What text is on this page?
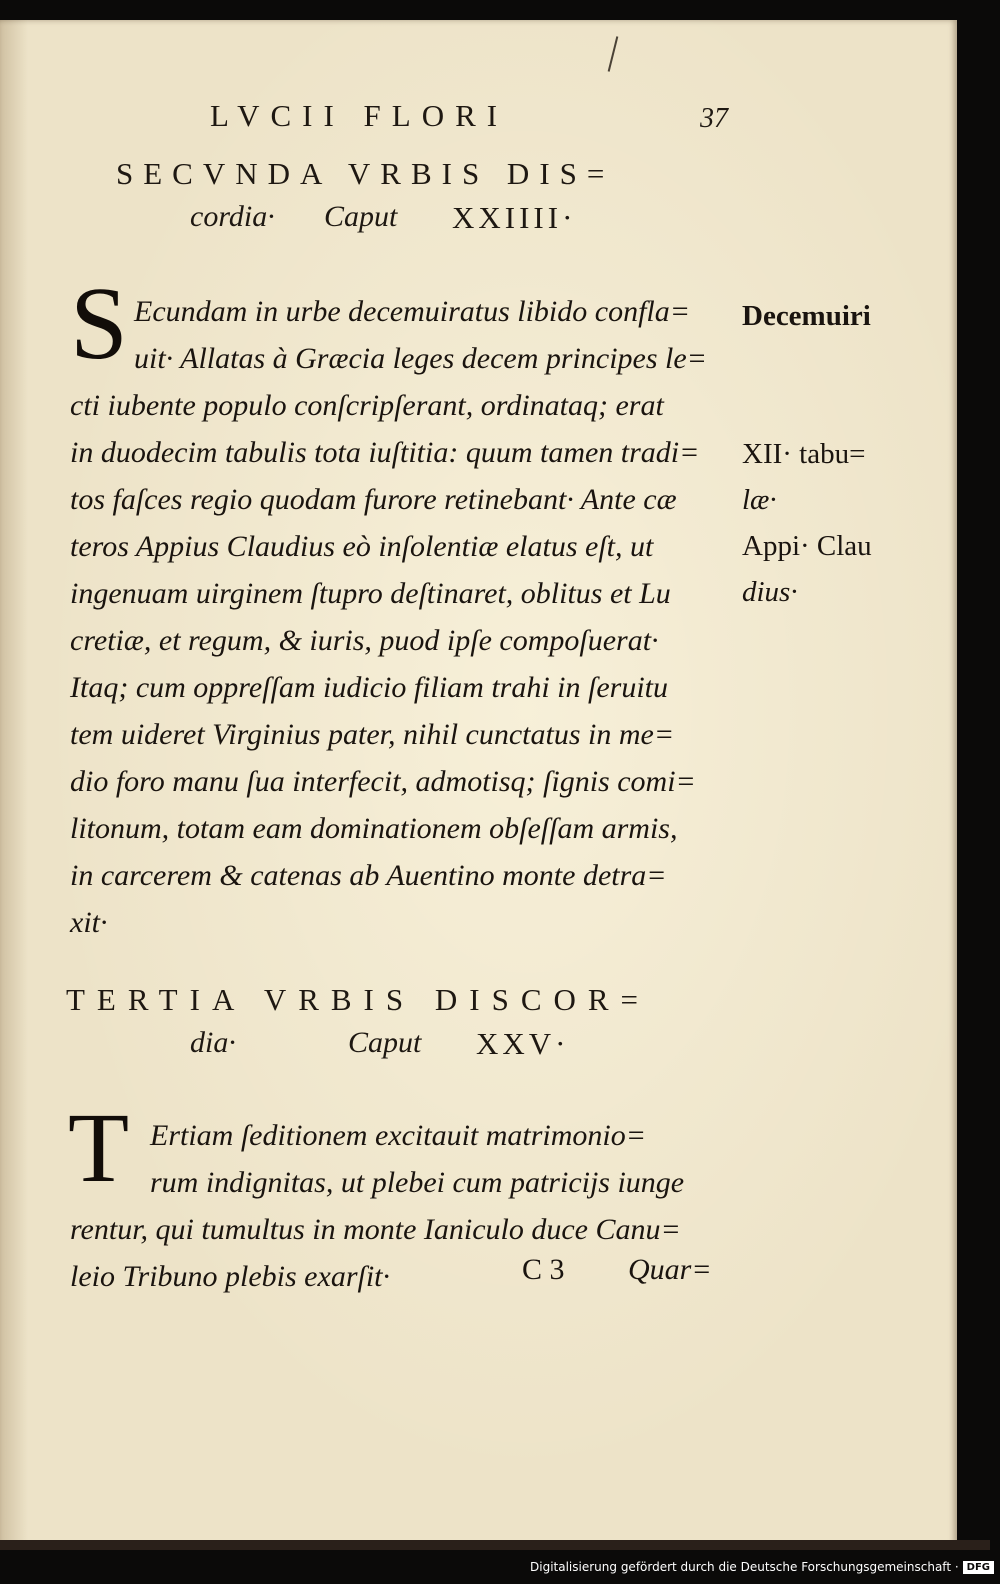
LVCII FLORI	37
SECVNDA VRBIS DIS=
cordia· Caput XXIIII·
S Ecundam in urbe decemuiratus libido confla=
uit· Allatas à Græcia leges decem principes le=
cti iubente populo conſcripſerant, ordinataq; erat
in duodecim tabulis tota iuſtitia: quum tamen tradi=
tos faſces regio quodam furore retinebant· Ante cæ
teros Appius Claudius eò inſolentiæ elatus eſt, ut
ingenuam uirginem ſtupro deſtinaret, oblitus et Lu
cretiæ, et regum, & iuris, puod ipſe compoſuerat·
Itaq; cum oppreſſam iudicio filiam trahi in ſeruitu
tem uideret Virginius pater, nihil cunctatus in me=
dio foro manu ſua interfecit, admotisq; ſignis comi=
litonum, totam eam dominationem obſeſſam armis,
in carcerem & catenas ab Auentino monte detra=
xit·
Decemuiri
XII· tabu=
læ·
Appi· Clau
dius·
TERTIA VRBIS DISCOR=
dia·	Caput XXV·
T Ertiam ſeditionem excitauit matrimonio=
rum indignitas, ut plebei cum patricijs iunge
rentur, qui tumultus in monte Ianiculo duce Canu=
leio Tribuno plebis exarſit·	C 3 Quar=
Digitalisierung gefördert durch die Deutsche Forschungsgemeinschaft · DFG
